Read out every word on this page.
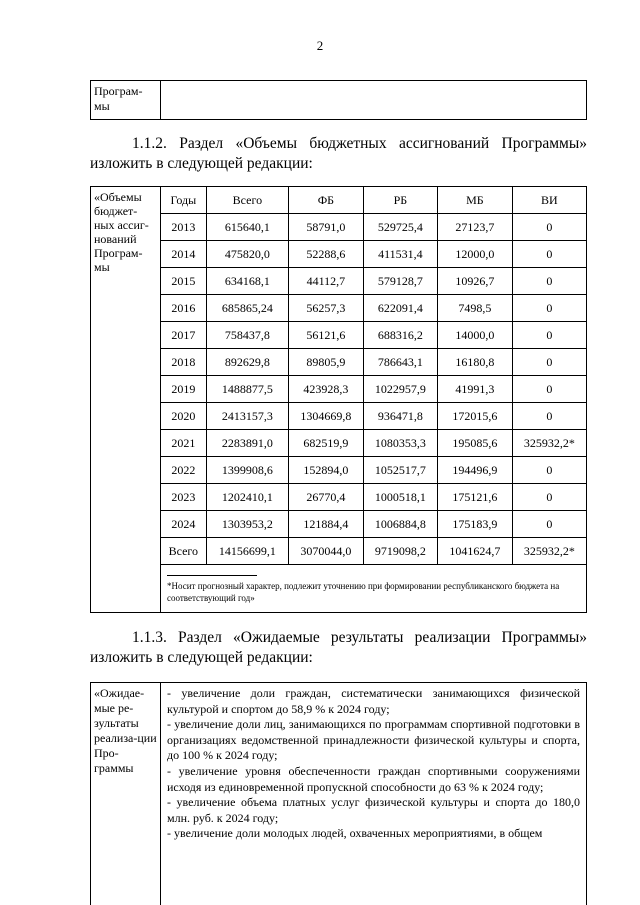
2
Програм-
мы	
1.1.2. Раздел «Объемы бюджетных ассигнований Программы» изложить в следующей редакции:
«Объемы бюджет-ных ассиг-нований Програм-мы	
Годы	Всего	ФБ	РБ	МБ	ВИ
2013	615640,1	58791,0	529725,4	27123,7	0
2014	475820,0	52288,6	411531,4	12000,0	0
2015	634168,1	44112,7	579128,7	10926,7	0
2016	685865,24	56257,3	622091,4	7498,5	0
2017	758437,8	56121,6	688316,2	14000,0	0
2018	892629,8	89805,9	786643,1	16180,8	0
2019	1488877,5	423928,3	1022957,9	41991,3	0
2020	2413157,3	1304669,8	936471,8	172015,6	0
2021	2283891,0	682519,9	1080353,3	195085,6	325932,2*
2022	1399908,6	152894,0	1052517,7	194496,9	0
2023	1202410,1	26770,4	1000518,1	175121,6	0
2024	1303953,2	121884,4	1006884,8	175183,9	0
Всего	14156699,1	3070044,0	9719098,2	1041624,7	325932,2*
*Носит прогнозный характер, подлежит уточнению при формировании республиканского бюджета на соответствующий год»
1.1.3. Раздел «Ожидаемые результаты реализации Программы» изложить в следующей редакции:
«Ожидае-мые ре-зультаты реализа-ции Про-граммы	

- увеличение доли граждан, систематически занимающихся физической культурой и спортом до 58,9 % к 2024 году;

- увеличение доли лиц, занимающихся по программам спортивной подготовки в организациях ведомственной принадлежности физической культуры и спорта, до 100 % к 2024 году;

- увеличение уровня обеспеченности граждан спортивными сооружениями исходя из единовременной пропускной способности до 63 % к 2024 году;

- увеличение объема платных услуг физической культуры и спорта до 180,0 млн. руб. к 2024 году;

- увеличение доли молодых людей, охваченных мероприятиями, в общем
